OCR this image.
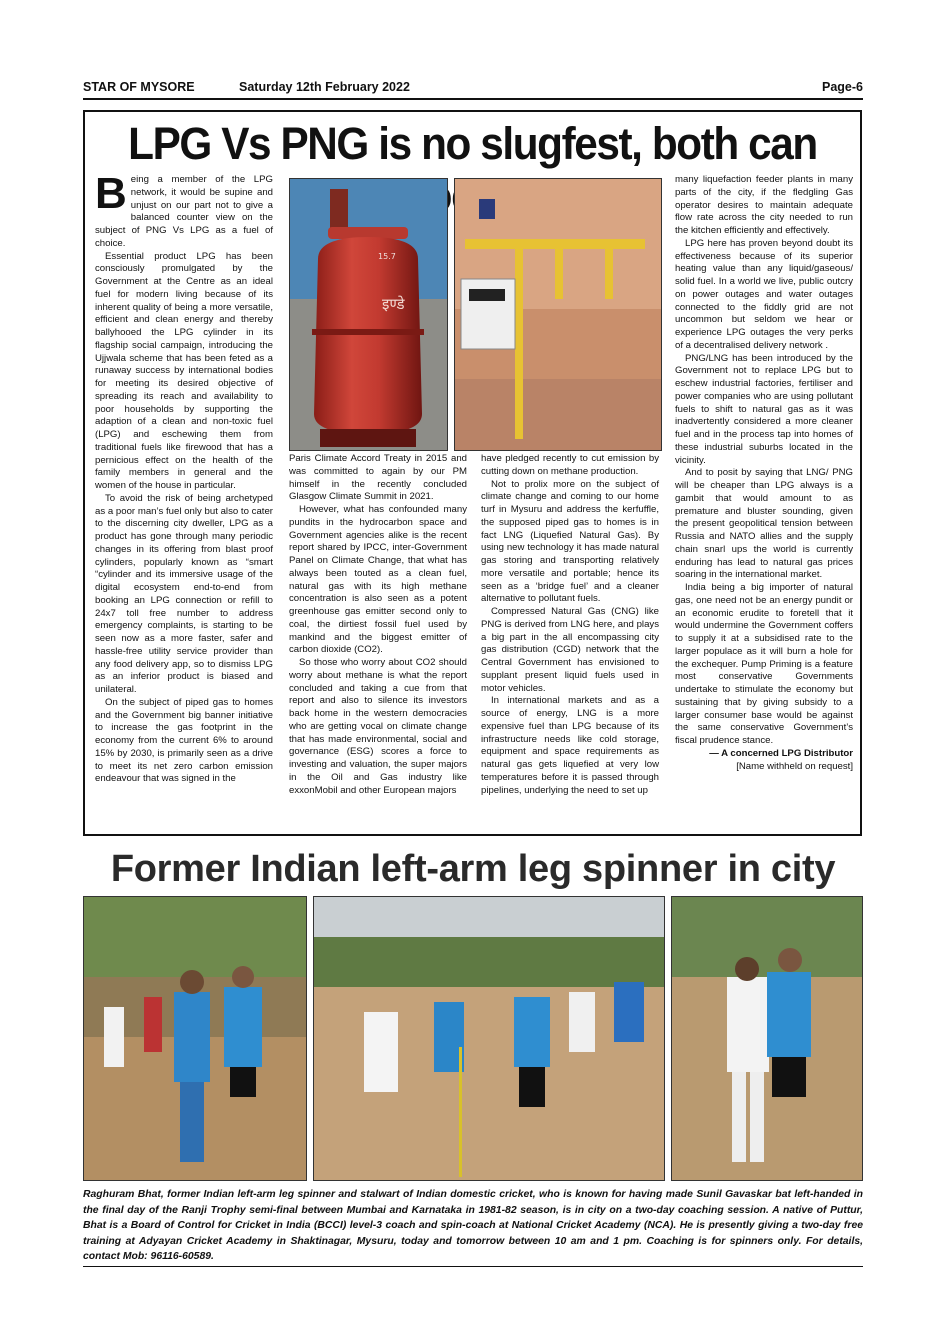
STAR OF MYSORE	Saturday 12th February 2022	Page-6
LPG Vs PNG is no slugfest, both can

Being a member of the LPG network, it would be supine and unjust on our part not to give a balanced counter view on the subject of PNG Vs LPG as a fuel of choice.

Essential product LPG has been consciously promulgated by the Government at the Centre as an ideal fuel for modern living because of its inherent quality of being a more versatile, efficient and clean energy and thereby ballyhooed the LPG cylinder in its flagship social campaign, introducing the Ujjwala scheme that has been feted as a runaway success by international bodies for meeting its desired objective of spreading its reach and availability to poor households by supporting the adaption of a clean and non-toxic fuel (LPG) and eschewing them from traditional fuels like firewood that has a pernicious effect on the health of the family members in general and the women of the house in particular.

To avoid the risk of being archetyped as a poor man’s fuel only but also to cater to the discerning city dweller, LPG as a product has gone through many periodic changes in its offering from blast proof cylinders, popularly known as “smart “cylinder and its immersive usage of the digital ecosystem end-to-end from booking an LPG connection or refill to 24x7 toll free number to address emergency complaints, is starting to be seen now as a more faster, safer and hassle-free utility service provider than any food delivery app, so to dismiss LPG as an inferior product is biased and unilateral.

On the subject of piped gas to homes and the Government big banner initiative to increase the gas footprint in the economy from the current 6% to around 15% by 2030, is primarily seen as a drive to meet its net zero carbon emission endeavour that was signed in the

इण्डे
15.7

Paris Climate Accord Treaty in 2015 and was committed to again by our PM himself in the recently concluded Glasgow Climate Summit in 2021.

However, what has confounded many pundits in the hydrocarbon space and Government agencies alike is the recent report shared by IPCC, inter-Government Panel on Climate Change, that what has always been touted as a clean fuel, natural gas with its high methane concentration is also seen as a potent greenhouse gas emitter second only to coal, the dirtiest fossil fuel used by mankind and the biggest emitter of carbon dioxide (CO2).

So those who worry about CO2 should worry about methane is what the report concluded and taking a cue from that report and also to silence its investors back home in the western democracies who are getting vocal on climate change that has made environmental, social and governance (ESG) scores a force to investing and valuation, the super majors in the Oil and Gas industry like exxonMobil and other European majors

have pledged recently to cut emission by cutting down on methane production.

Not to prolix more on the subject of climate change and coming to our home turf in Mysuru and address the kerfuffle, the supposed piped gas to homes is in fact LNG (Liquefied Natural Gas). By using new technology it has made natural gas storing and transporting relatively more versatile and portable; hence its seen as a ‘bridge fuel’ and a cleaner alternative to pollutant fuels.

Compressed Natural Gas (CNG) like PNG is derived from LNG here, and plays a big part in the all encompassing city gas distribution (CGD) network that the Central Government has envisioned to supplant present liquid fuels used in motor vehicles.

In international markets and as a source of energy, LNG is a more expensive fuel than LPG because of its infrastructure needs like cold storage, equipment and space requirements as natural gas gets liquefied at very low temperatures before it is passed through pipelines, underlying the need to set up

many liquefaction feeder plants in many parts of the city, if the fledgling Gas operator desires to maintain adequate flow rate across the city needed to run the kitchen efficiently and effectively.

LPG here has proven beyond doubt its effectiveness because of its superior heating value than any liquid/gaseous/ solid fuel. In a world we live, public outcry on power outages and water outages connected to the fiddly grid are not uncommon but seldom we hear or experience LPG outages the very perks of a decentralised delivery network .

PNG/LNG has been introduced by the Government not to replace LPG but to eschew industrial factories, fertiliser and power companies who are using pollutant fuels to shift to natural gas as it was inadvertently considered a more cleaner fuel and in the process tap into homes of these industrial suburbs located in the vicinity.

And to posit by saying that LNG/ PNG will be cheaper than LPG always is a gambit that would amount to as premature and bluster sounding, given the present geopolitical tension between Russia and NATO allies and the supply chain snarl ups the world is currently enduring has lead to natural gas prices soaring in the international market.

India being a big importer of natural gas, one need not be an energy pundit or an economic erudite to foretell that it would undermine the Government coffers to supply it at a subsidised rate to the larger populace as it will burn a hole for the exchequer. Pump Priming is a feature most conservative Governments undertake to stimulate the economy but sustaining that by giving subsidy to a larger consumer base would be against the same conservative Government’s fiscal prudence stance.

— A concerned LPG Distributor

[Name withheld on request]

Former Indian left-arm leg spinner in city
Raghuram Bhat, former Indian left-arm leg spinner and stalwart of Indian domestic cricket, who is known for having made Sunil Gavaskar bat left-handed in the final day of the Ranji Trophy semi-final between Mumbai and Karnataka in 1981-82 season, is in city on a two-day coaching session. A native of Puttur, Bhat is a Board of Control for Cricket in India (BCCI) level-3 coach and spin-coach at National Cricket Academy (NCA). He is presently giving a two-day free training at Adyayan Cricket Academy in Shaktinagar, Mysuru, today and tomorrow between 10 am and 1 pm. Coaching is for spinners only. For details, contact Mob: 96116-60589.
